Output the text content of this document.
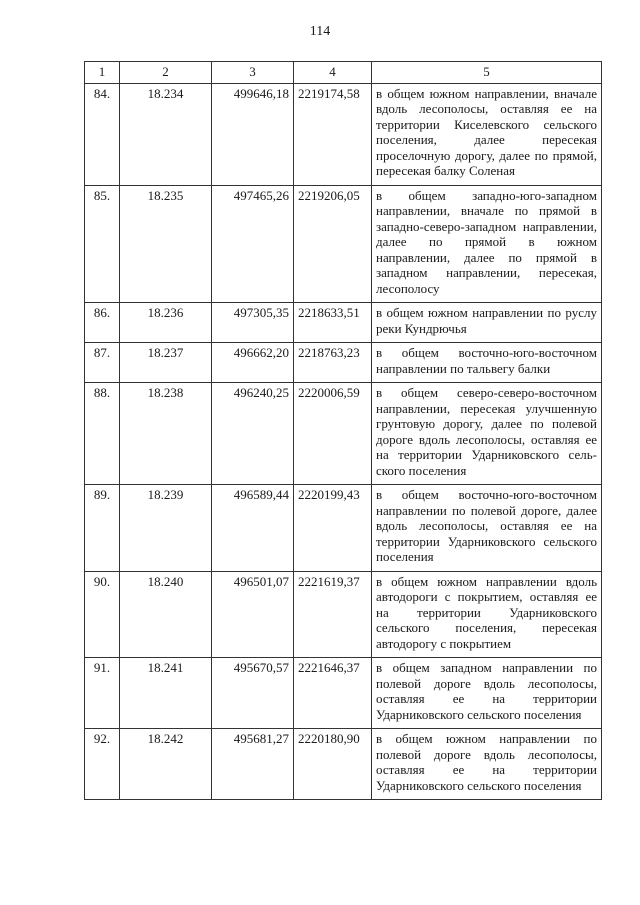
114
1	2	3	4	5
84.	18.234	499646,18	2219174,58	в общем южном направлении, вначале вдоль лесополосы, оставляя ее на территории Киселевского сельского поселения, далее пересекая проселочную дорогу, далее по прямой, пересекая балку Соленая
85.	18.235	497465,26	2219206,05	в общем западно-юго-западном направлении, вначале по прямой в западно-северо-западном направлении, далее по прямой в южном направлении, далее по прямой в западном направлении, пересекая, лесополосу
86.	18.236	497305,35	2218633,51	в общем южном направлении по руслу реки Кундрючья
87.	18.237	496662,20	2218763,23	в общем восточно-юго-восточном направлении по тальвегу балки
88.	18.238	496240,25	2220006,59	в общем северо-северо-восточном направлении, пересекая улучшенную грунтовую дорогу, далее по полевой дороге вдоль лесополосы, оставляя ее на территории Ударниковского сельского поселения
89.	18.239	496589,44	2220199,43	в общем восточно-юго-восточном направлении по полевой дороге, далее вдоль лесополосы, оставляя ее на территории Ударниковского сельского поселения
90.	18.240	496501,07	2221619,37	в общем южном направлении вдоль автодороги с покрытием, оставляя ее на территории Ударниковского сельского поселения, пересекая автодорогу с покрытием
91.	18.241	495670,57	2221646,37	в общем западном направлении по полевой дороге вдоль лесополосы, оставляя ее на территории Ударниковского сельского поселения
92.	18.242	495681,27	2220180,90	в общем южном направлении по полевой дороге вдоль лесополосы, оставляя ее на территории Ударниковского сельского поселения
